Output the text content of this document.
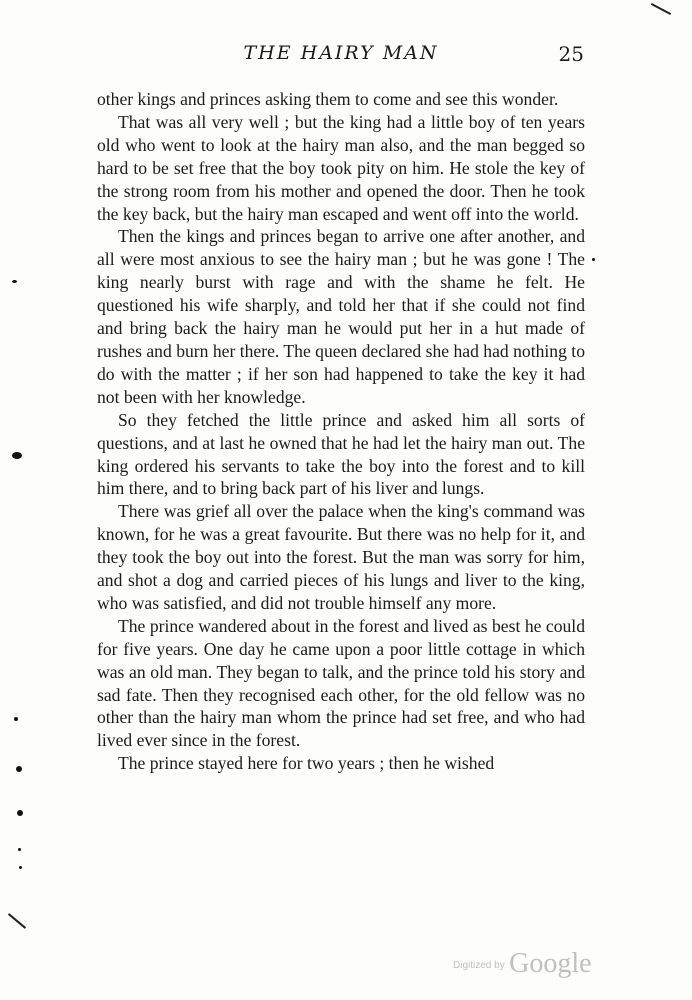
THE HAIRY MAN	25

other kings and princes asking them to come and see this wonder.

That was all very well ; but the king had a little boy of ten years old who went to look at the hairy man also, and the man begged so hard to be set free that the boy took pity on him. He stole the key of the strong room from his mother and opened the door. Then he took the key back, but the hairy man escaped and went off into the world.

Then the kings and princes began to arrive one after another, and all were most anxious to see the hairy man ; but he was gone ! The king nearly burst with rage and with the shame he felt. He questioned his wife sharply, and told her that if she could not find and bring back the hairy man he would put her in a hut made of rushes and burn her there. The queen declared she had had nothing to do with the matter ; if her son had happened to take the key it had not been with her knowledge.

So they fetched the little prince and asked him all sorts of questions, and at last he owned that he had let the hairy man out. The king ordered his servants to take the boy into the forest and to kill him there, and to bring back part of his liver and lungs.

There was grief all over the palace when the king's command was known, for he was a great favourite. But there was no help for it, and they took the boy out into the forest. But the man was sorry for him, and shot a dog and carried pieces of his lungs and liver to the king, who was satisfied, and did not trouble himself any more.

The prince wandered about in the forest and lived as best he could for five years. One day he came upon a poor little cottage in which was an old man. They began to talk, and the prince told his story and sad fate. Then they recognised each other, for the old fellow was no other than the hairy man whom the prince had set free, and who had lived ever since in the forest.

The prince stayed here for two years ; then he wished

$^{Digitized by}$ Google
